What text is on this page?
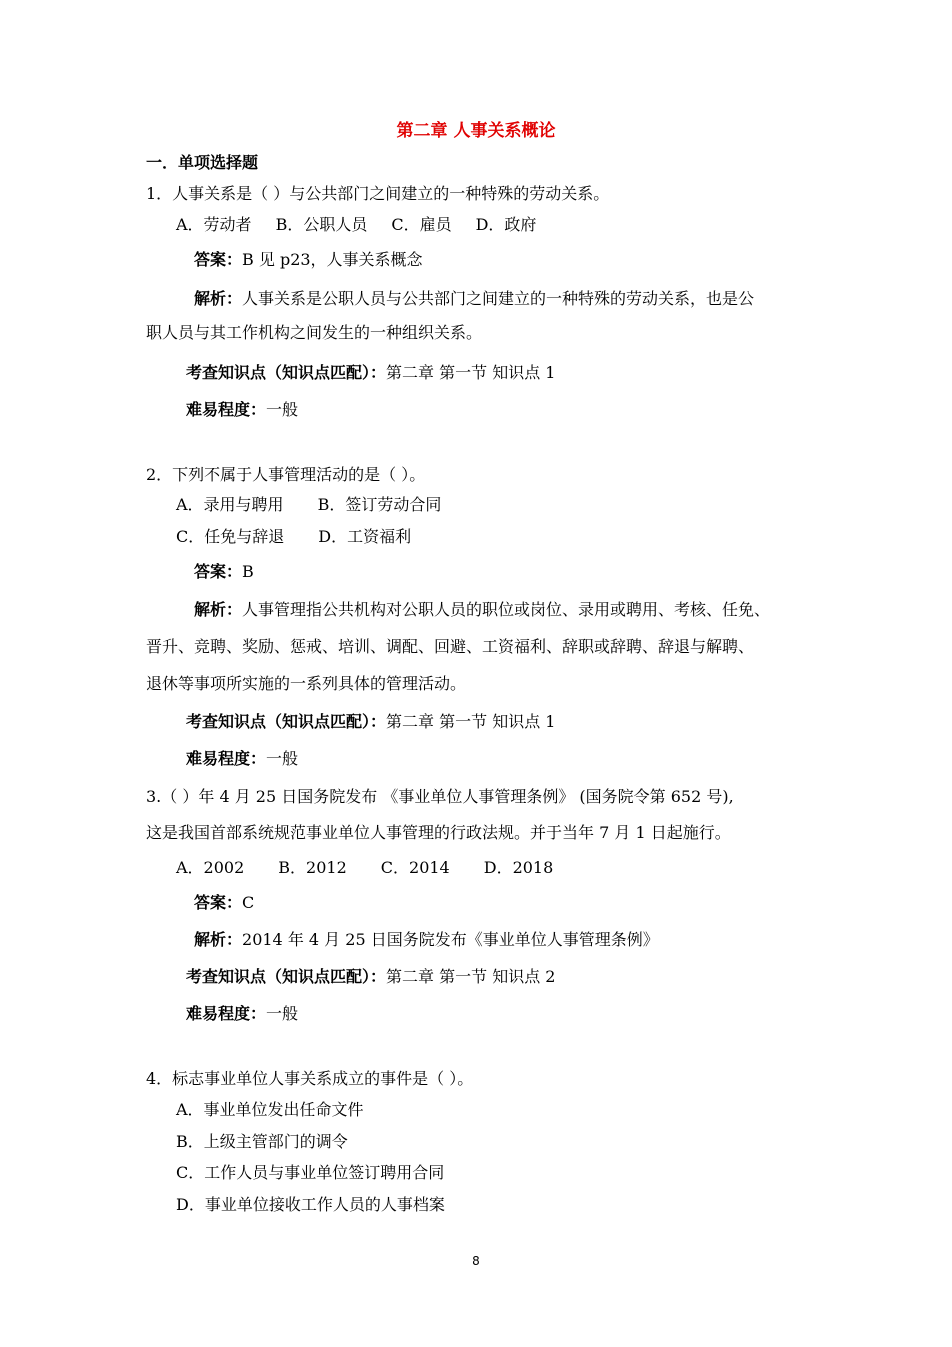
第二章 人事关系概论
一．单项选择题
1．人事关系是（ ）与公共部门之间建立的一种特殊的劳动关系。
A．劳动者 B．公职人员 C．雇员 D．政府
答案：B 见 p23，人事关系概念
解析：人事关系是公职人员与公共部门之间建立的一种特殊的劳动关系，也是公
职人员与其工作机构之间发生的一种组织关系。
考查知识点（知识点匹配）：第二章 第一节 知识点 1
难易程度：一般
2．下列不属于人事管理活动的是（ ）。
A．录用与聘用 B．签订劳动合同
C．任免与辞退 D．工资福利
答案：B
解析：人事管理指公共机构对公职人员的职位或岗位、录用或聘用、考核、任免、
晋升、竞聘、奖励、惩戒、培训、调配、回避、工资福利、辞职或辞聘、辞退与解聘、
退休等事项所实施的一系列具体的管理活动。
考查知识点（知识点匹配）：第二章 第一节 知识点 1
难易程度：一般
3.（ ）年 4 月 25 日国务院发布 《事业单位人事管理条例》 (国务院令第 652 号),
这是我国首部系统规范事业单位人事管理的行政法规。并于当年 7 月 1 日起施行。
A．2002 B．2012 C．2014 D．2018
答案：C
解析：2014 年 4 月 25 日国务院发布《事业单位人事管理条例》
考查知识点（知识点匹配）：第二章 第一节 知识点 2
难易程度：一般
4．标志事业单位人事关系成立的事件是（ ）。
A．事业单位发出任命文件
B．上级主管部门的调令
C．工作人员与事业单位签订聘用合同
D．事业单位接收工作人员的人事档案
8
